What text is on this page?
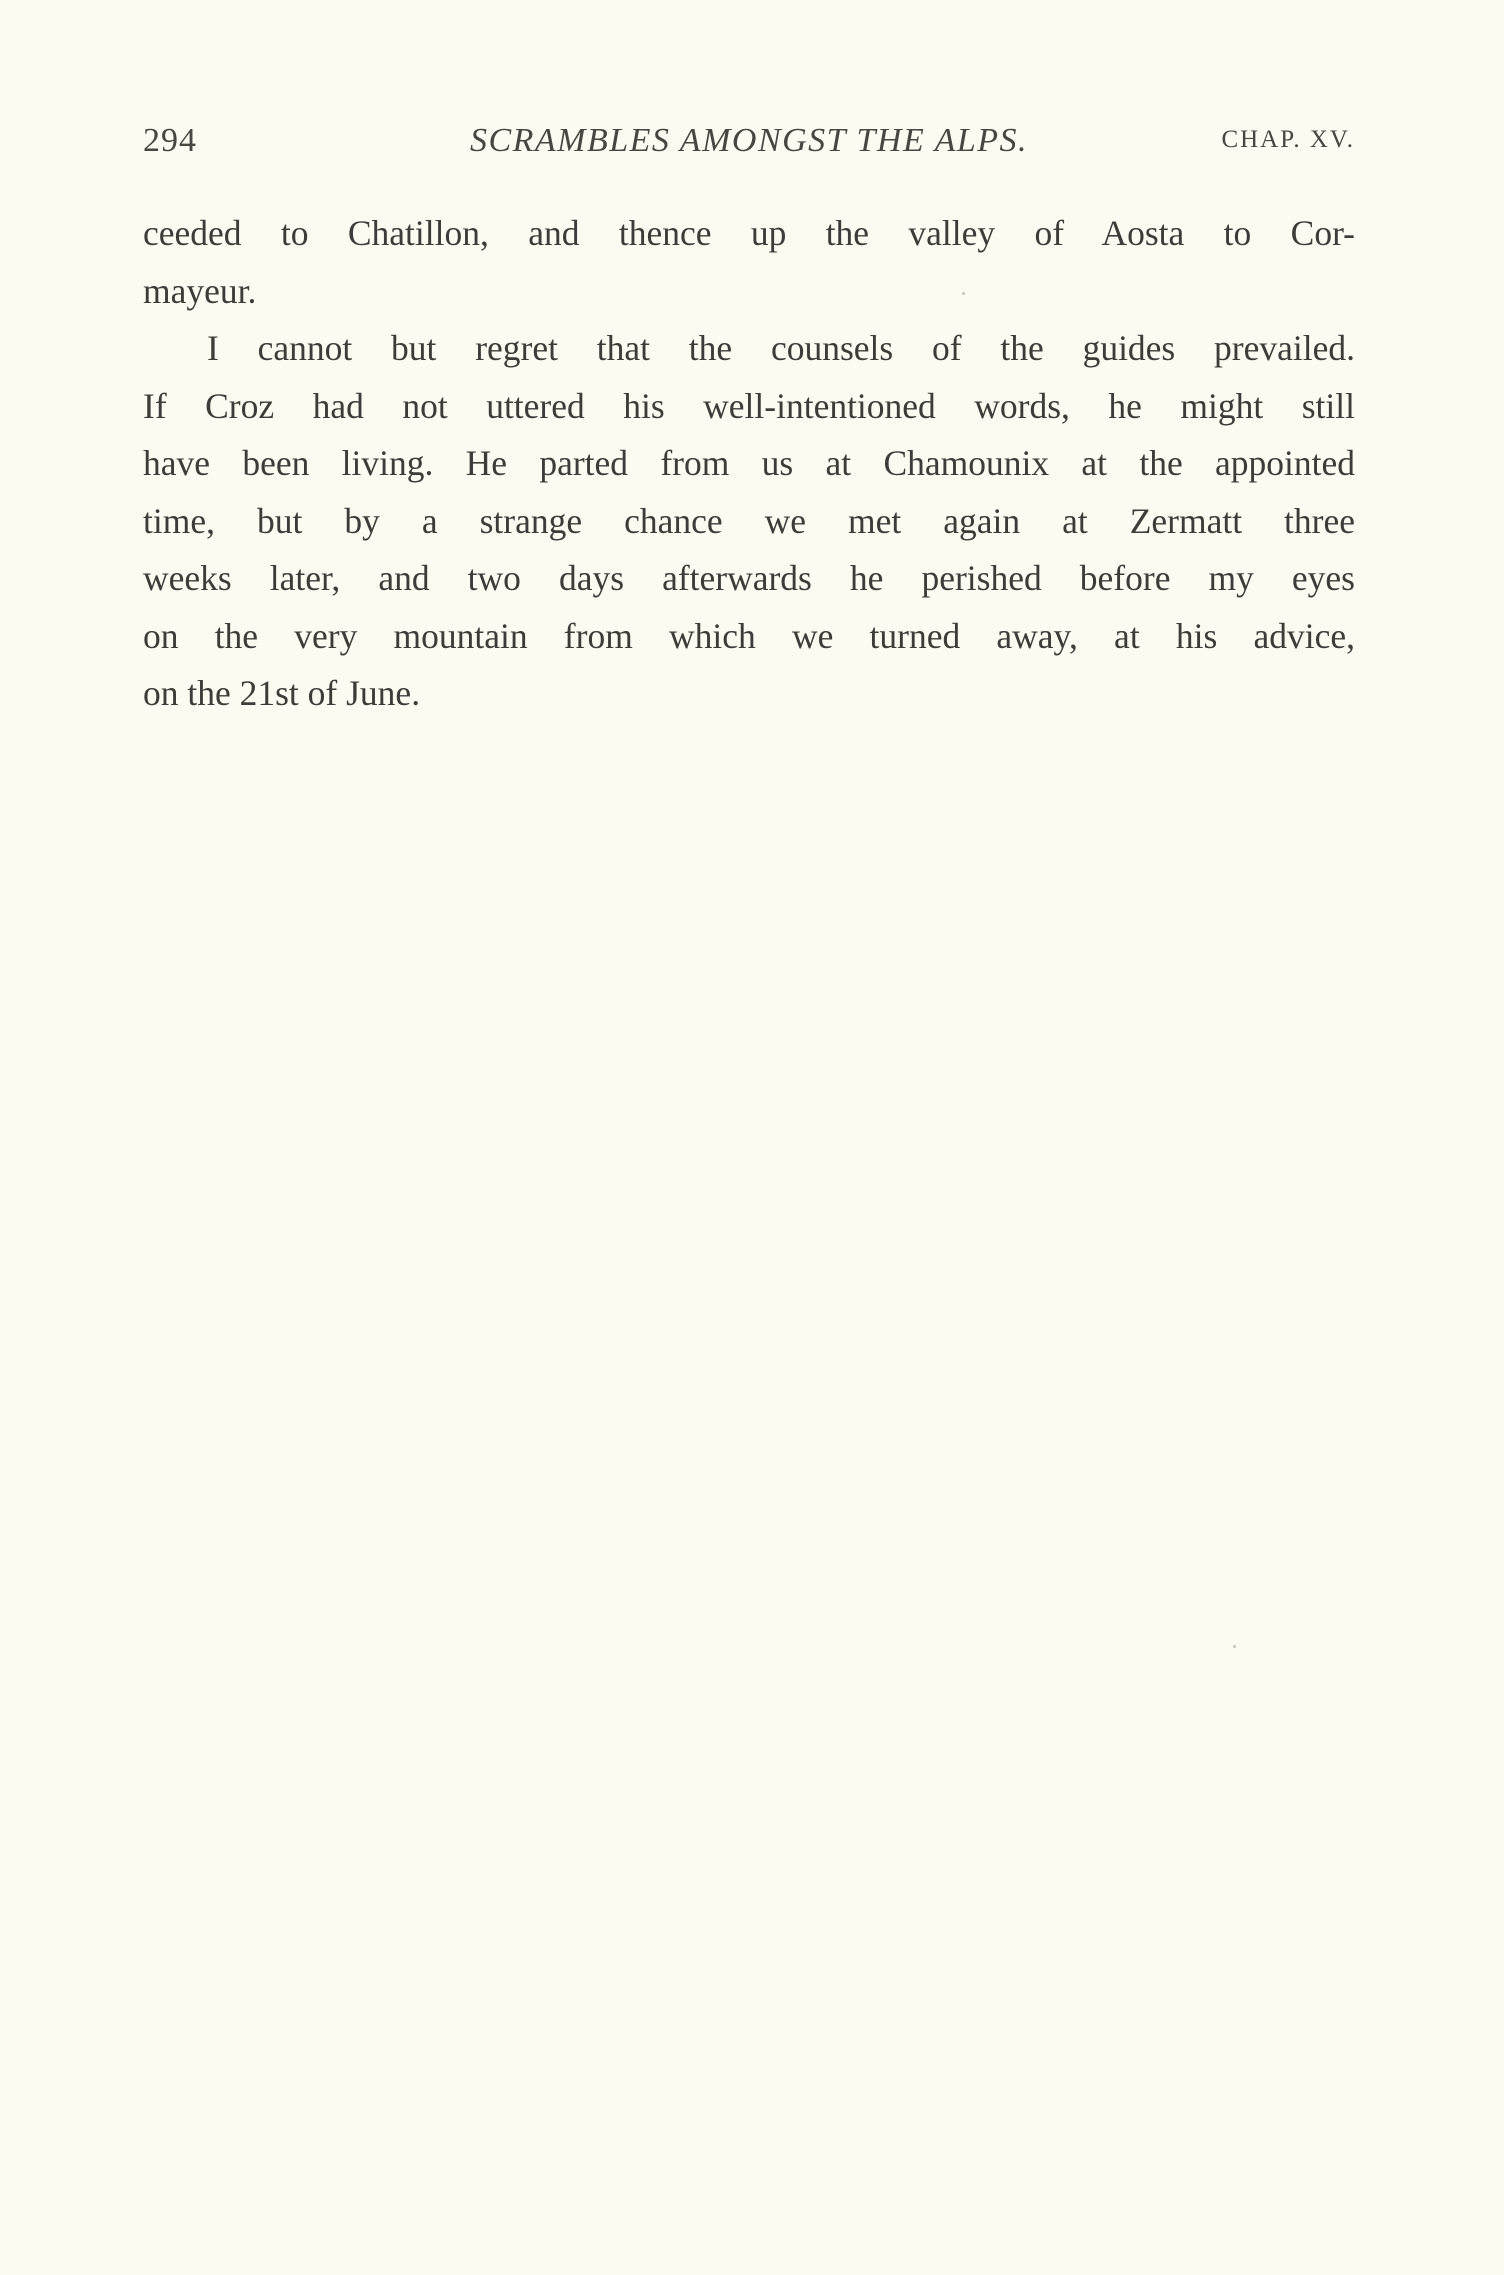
294	SCRAMBLES AMONGST THE ALPS.	CHAP. XV.
ceeded to Chatillon, and thence up the valley of Aosta to Cor-
mayeur.
I cannot but regret that the counsels of the guides prevailed.
If Croz had not uttered his well-intentioned words, he might still
have been living. He parted from us at Chamounix at the appointed
time, but by a strange chance we met again at Zermatt three
weeks later, and two days afterwards he perished before my eyes
on the very mountain from which we turned away, at his advice,
on the 21st of June.
